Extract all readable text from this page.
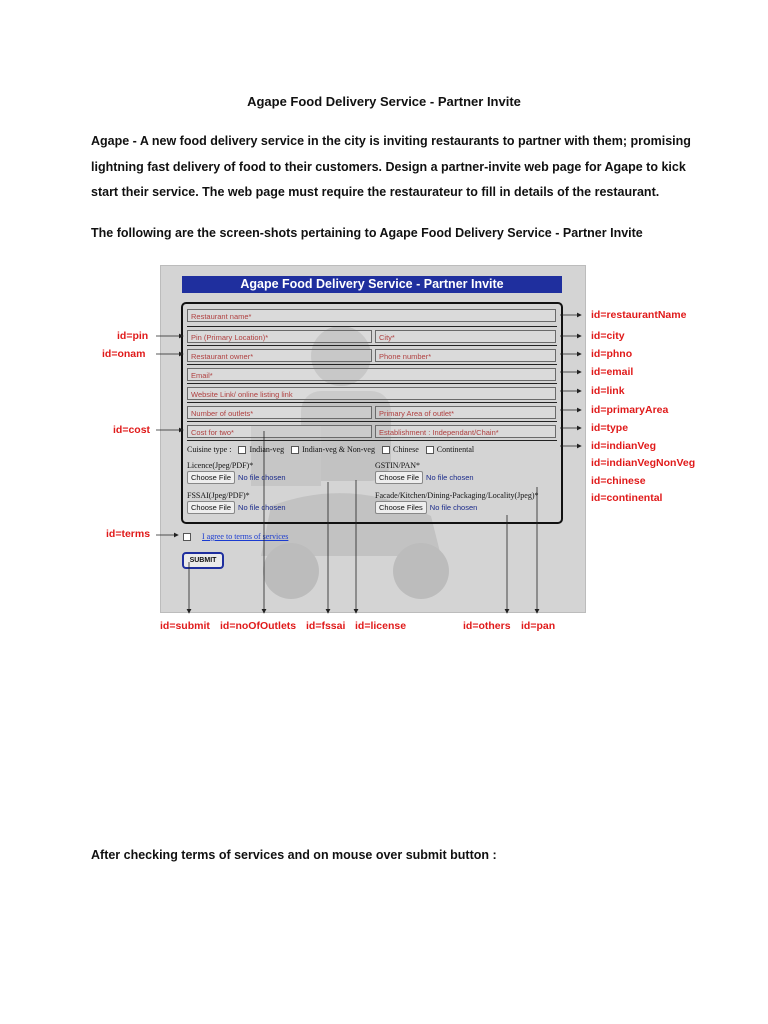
Agape Food Delivery Service - Partner Invite
Agape - A new food delivery service in the city is inviting restaurants to partner with them; promising lightning fast delivery of food to their customers. Design a partner-invite web page for Agape to kick start their service. The web page must require the restaurateur to fill in details of the restaurant.
The following are the screen-shots pertaining to Agape Food Delivery Service - Partner Invite
Agape Food Delivery Service - Partner Invite
Restaurant name*
Pin (Primary Location)*	City*
Restaurant owner*	Phone number*
Email*
Website Link/ online listing link
Number of outlets*	Primary Area of outlet*
Cost for two*	Establishment : Independant/Chain*
Cuisine type : Indian-veg Indian-veg & Non-veg Chinese Continental
Licence(Jpeg/PDF)*
Choose File No file chosen
GSTIN/PAN*
Choose File No file chosen
FSSAI(Jpeg/PDF)*
Choose File No file chosen
Facade/Kitchen/Dining-Packaging/Locality(Jpeg)*
Choose Files No file chosen
I agree to terms of services
SUBMIT
id=restaurantName
id=city
id=phno
id=email
id=link
id=primaryArea
id=type
id=indianVeg
id=indianVegNonVeg
id=chinese
id=continental
id=pin
id=onam
id=cost
id=terms
id=submit id=noOfOutlets id=fssai id=license	id=others id=pan
After checking terms of services and on mouse over submit button :
